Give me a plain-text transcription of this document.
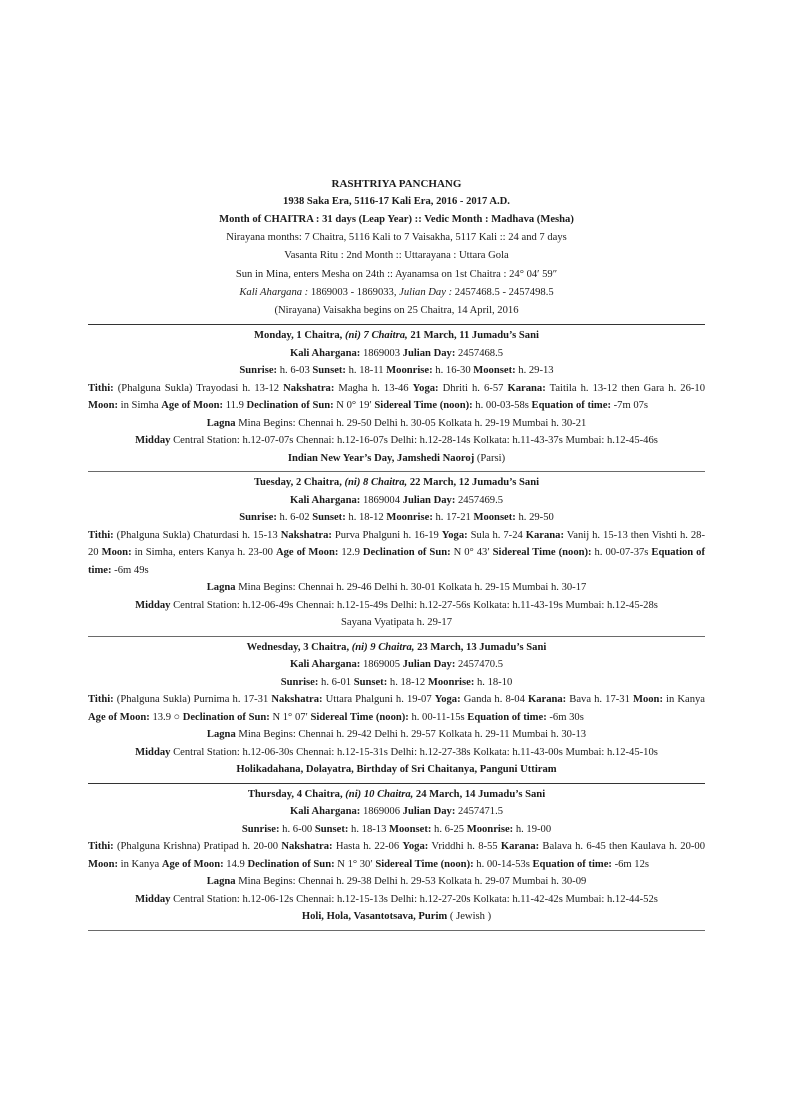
RASHTRIYA PANCHANG
1938 Saka Era, 5116-17 Kali Era, 2016 - 2017 A.D.
Month of CHAITRA : 31 days (Leap Year) :: Vedic Month : Madhava (Mesha)
Nirayana months: 7 Chaitra, 5116 Kali to 7 Vaisakha, 5117 Kali :: 24 and 7 days
Vasanta Ritu : 2nd Month :: Uttarayana : Uttara Gola
Sun in Mina, enters Mesha on 24th :: Ayanamsa on 1st Chaitra : 24° 04′ 59″
Kali Ahargana : 1869003 - 1869033, Julian Day : 2457468.5 - 2457498.5
(Nirayana) Vaisakha begins on 25 Chaitra, 14 April, 2016
Monday, 1 Chaitra, (ni) 7 Chaitra, 21 March, 11 Jumadu’s Sani
Kali Ahargana: 1869003 Julian Day: 2457468.5
Sunrise: h. 6-03 Sunset: h. 18-11 Moonrise: h. 16-30 Moonset: h. 29-13

Tithi: (Phalguna Sukla) Trayodasi h. 13-12 Nakshatra: Magha h. 13-46 Yoga: Dhriti h. 6-57 Karana: Taitila h. 13-12 then Gara h. 26-10 Moon: in Simha Age of Moon: 11.9 Declination of Sun: N 0° 19′ Sidereal Time (noon): h. 00-03-58s Equation of time: -7m 07s

Lagna Mina Begins: Chennai h. 29-50 Delhi h. 30-05 Kolkata h. 29-19 Mumbai h. 30-21
Midday Central Station: h.12-07-07s Chennai: h.12-16-07s Delhi: h.12-28-14s Kolkata: h.11-43-37s Mumbai: h.12-45-46s
Indian New Year’s Day, Jamshedi Naoroj (Parsi)
Tuesday, 2 Chaitra, (ni) 8 Chaitra, 22 March, 12 Jumadu’s Sani
Kali Ahargana: 1869004 Julian Day: 2457469.5
Sunrise: h. 6-02 Sunset: h. 18-12 Moonrise: h. 17-21 Moonset: h. 29-50

Tithi: (Phalguna Sukla) Chaturdasi h. 15-13 Nakshatra: Purva Phalguni h. 16-19 Yoga: Sula h. 7-24 Karana: Vanij h. 15-13 then Vishti h. 28-20 Moon: in Simha, enters Kanya h. 23-00 Age of Moon: 12.9 Declination of Sun: N 0° 43′ Sidereal Time (noon): h. 00-07-37s Equation of time: -6m 49s

Lagna Mina Begins: Chennai h. 29-46 Delhi h. 30-01 Kolkata h. 29-15 Mumbai h. 30-17
Midday Central Station: h.12-06-49s Chennai: h.12-15-49s Delhi: h.12-27-56s Kolkata: h.11-43-19s Mumbai: h.12-45-28s
Sayana Vyatipata h. 29-17
Wednesday, 3 Chaitra, (ni) 9 Chaitra, 23 March, 13 Jumadu’s Sani
Kali Ahargana: 1869005 Julian Day: 2457470.5
Sunrise: h. 6-01 Sunset: h. 18-12 Moonrise: h. 18-10

Tithi: (Phalguna Sukla) Purnima h. 17-31 Nakshatra: Uttara Phalguni h. 19-07 Yoga: Ganda h. 8-04 Karana: Bava h. 17-31 Moon: in Kanya Age of Moon: 13.9 ○ Declination of Sun: N 1° 07′ Sidereal Time (noon): h. 00-11-15s Equation of time: -6m 30s

Lagna Mina Begins: Chennai h. 29-42 Delhi h. 29-57 Kolkata h. 29-11 Mumbai h. 30-13
Midday Central Station: h.12-06-30s Chennai: h.12-15-31s Delhi: h.12-27-38s Kolkata: h.11-43-00s Mumbai: h.12-45-10s
Holikadahana, Dolayatra, Birthday of Sri Chaitanya, Panguni Uttiram
Thursday, 4 Chaitra, (ni) 10 Chaitra, 24 March, 14 Jumadu’s Sani
Kali Ahargana: 1869006 Julian Day: 2457471.5
Sunrise: h. 6-00 Sunset: h. 18-13 Moonset: h. 6-25 Moonrise: h. 19-00

Tithi: (Phalguna Krishna) Pratipad h. 20-00 Nakshatra: Hasta h. 22-06 Yoga: Vriddhi h. 8-55 Karana: Balava h. 6-45 then Kaulava h. 20-00 Moon: in Kanya Age of Moon: 14.9 Declination of Sun: N 1° 30′ Sidereal Time (noon): h. 00-14-53s Equation of time: -6m 12s

Lagna Mina Begins: Chennai h. 29-38 Delhi h. 29-53 Kolkata h. 29-07 Mumbai h. 30-09
Midday Central Station: h.12-06-12s Chennai: h.12-15-13s Delhi: h.12-27-20s Kolkata: h.11-42-42s Mumbai: h.12-44-52s
Holi, Hola, Vasantotsava, Purim ( Jewish )
